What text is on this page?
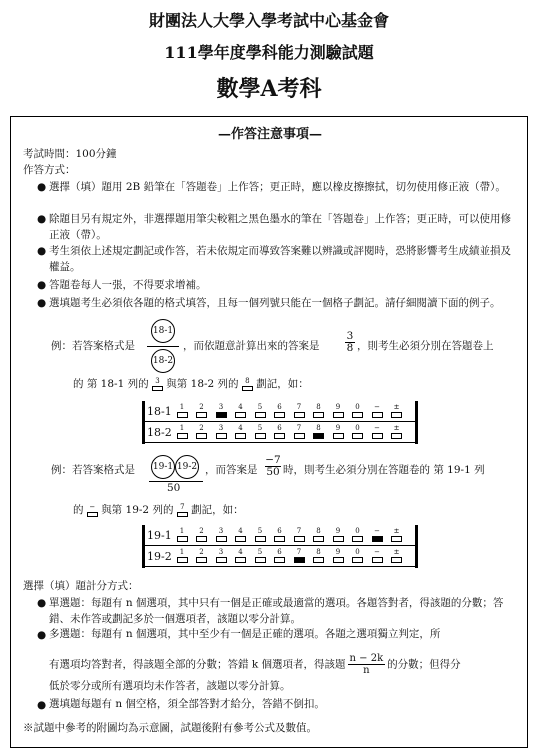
財團法人大學入學考試中心基金會
111學年度學科能力測驗試題
數學A考科
—作答注意事項—
考試時間：100分鐘
作答方式：
● 選擇（填）題用 2B 鉛筆在「答題卷」上作答；更正時，應以橡皮擦擦拭，切勿使用修正液（帶）。
● 除題目另有規定外，非選擇題用筆尖較粗之黑色墨水的筆在「答題卷」上作答；更正時，可以使用修正液（帶）。
● 考生須依上述規定劃記或作答，若未依規定而導致答案難以辨識或評閱時，恐將影響考生成績並損及權益。
● 答題卷每人一張，不得要求增補。
● 選填題考生必須依各題的格式填答，且每一個列號只能在一個格子劃記。請仔細閱讀下面的例子。
例：若答案格式是
18-1
18-2
，而依題意計算出來的答案是 $\frac{3}{8}$ ，則考生必須分別在答題卷上
的 第 18-1 列的 3 與第 18-2 列的 8 劃記，如：
18-1	1	2	3	4	5	6	7	8	9	0	−	±
18-2	1	2	3	4	5	6	7	8	9	0	−	±
例：若答案格式是 19-1 19-2
50
，而答案是 $\frac{-7}{50}$ 時，則考生必須分別在答題卷的 第 19-1 列
的 − 與第 19-2 列的 7 劃記，如：
19-1	1	2	3	4	5	6	7	8	9	0	−	±
19-2	1	2	3	4	5	6	7	8	9	0	−	±
選擇（填）題計分方式：
● 單選題：每題有 n 個選項，其中只有一個是正確或最適當的選項。各題答對者，得該題的分數；答錯、未作答或劃記多於一個選項者，該題以零分計算。
● 多選題：每題有 n 個選項，其中至少有一個是正確的選項。各題之選項獨立判定，所
有選項均答對者，得該題全部的分數；答錯 k 個選項者，得該題 $\frac{n - 2k}{n}$ 的分數；但得分
低於零分或所有選項均未作答者，該題以零分計算。
● 選填題每題有 n 個空格，須全部答對才給分，答錯不倒扣。
※試題中參考的附圖均為示意圖，試題後附有參考公式及數值。
